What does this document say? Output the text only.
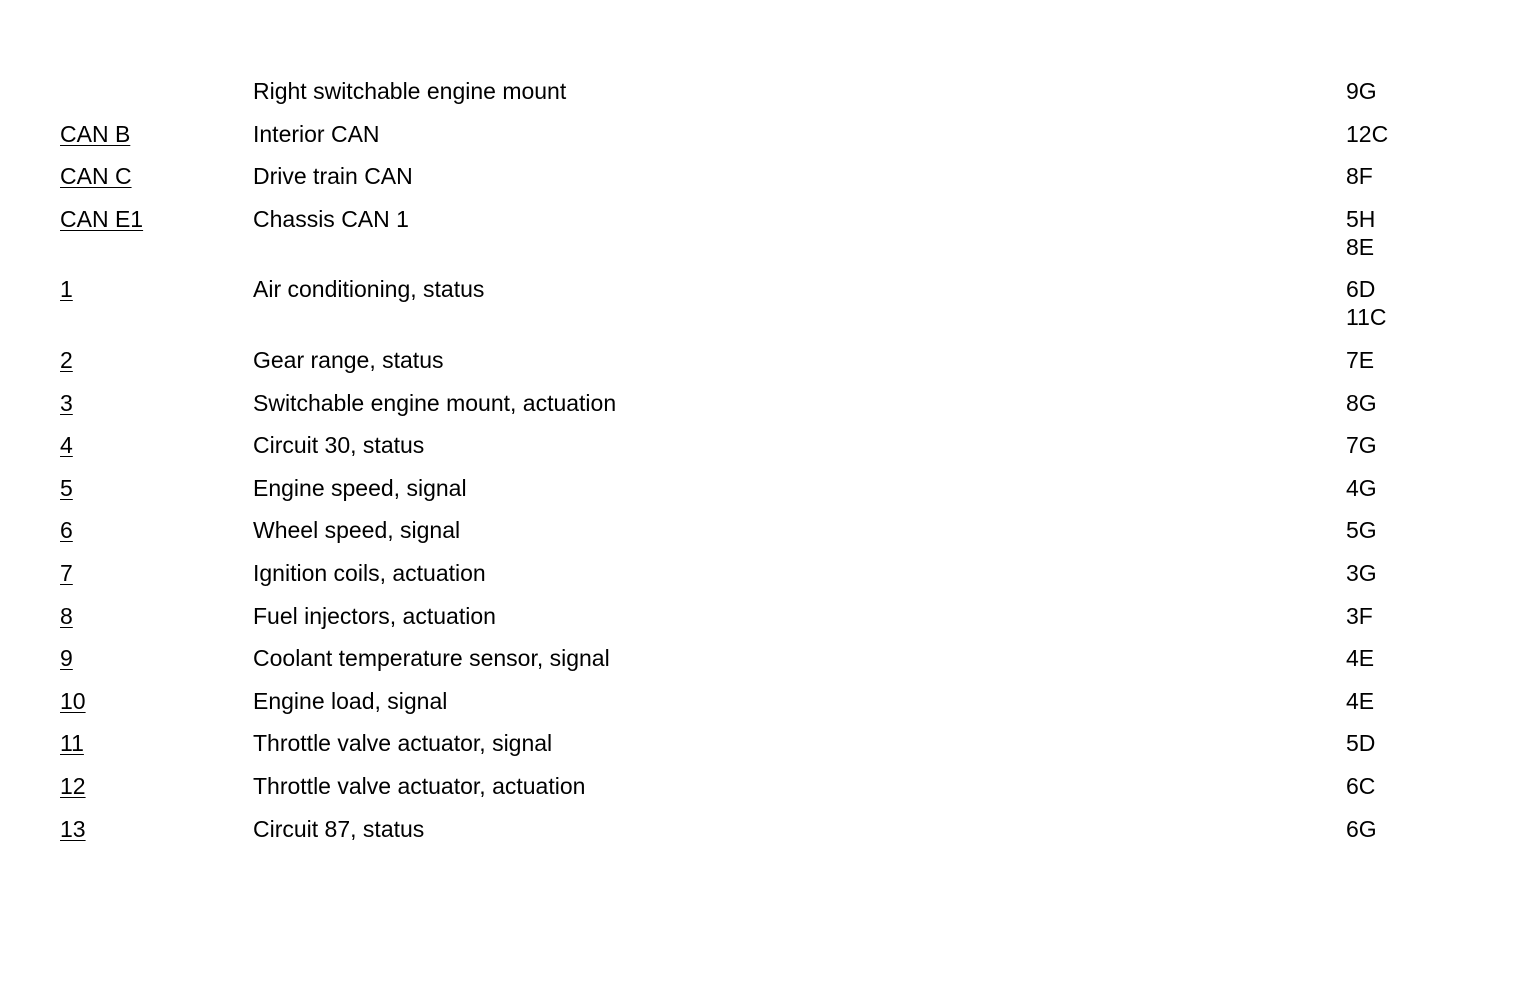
	Right switchable engine mount	9G

CAN B	Interior CAN	12C

CAN C	Drive train CAN	8F

CAN E1	Chassis CAN 1	5H
8E

1	Air conditioning, status	6D
11C

2	Gear range, status	7E

3	Switchable engine mount, actuation	8G

4	Circuit 30, status	7G

5	Engine speed, signal	4G

6	Wheel speed, signal	5G

7	Ignition coils, actuation	3G

8	Fuel injectors, actuation	3F

9	Coolant temperature sensor, signal	4E

10	Engine load, signal	4E

11	Throttle valve actuator, signal	5D

12	Throttle valve actuator, actuation	6C

13	Circuit 87, status	6G
